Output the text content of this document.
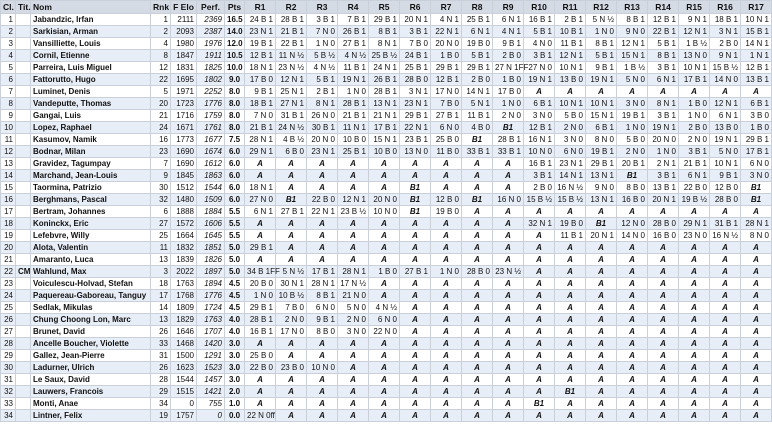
Cl.	Tit.	Nom	Rnk	F Elo	Perf.	Pts	R1	R2	R3	R4	R5	R6	R7	R8	R9	R10	R11	R12	R13	R14	R15	R16	R17
1		Jabandzic, Irfan	1	2111	2369	16.5	24 B 1	28 B 1	3 B 1	7 B 1	29 B 1	20 N 1	4 N 1	25 B 1	6 N 1	16 B 1	2 B 1	5 N ½	8 B 1	12 B 1	9 N 1	18 B 1	10 N 1
2		Sarkisian, Arman	2	2093	2387	14.0	23 N 1	21 B 1	7 N 0	26 B 1	8 B 1	3 B 1	22 N 1	6 N 1	4 N 1	5 B 1	10 B 1	1 N 0	9 N 0	22 B 1	12 N 1	3 N 1	15 B 1
3		Vansilliette, Louis	4	1980	1976	12.0	19 B 1	22 B 1	1 N 0	27 B 1	8 N 1	7 B 0	20 N 0	19 B 0	9 B 1	4 N 0	11 B 1	8 B 1	12 N 1	5 B 1	1 B ½	2 B 0	14 N 1
4		Cornil, Etienne	8	1847	1911	10.5	12 B 1	11 N ½	5 B ½	4 N ½	25 B ½	24 B 1	1 B 0	5 B 1	2 B 0	3 B 1	12 N 1	5 B 1	15 N 1	8 B 1	13 N 0	9 N 1	1 N 1
5		Parreira, Luis Miguel	12	1831	1825	10.0	18 N 1	23 N ½	4 N ½	11 B 1	24 N 1	25 B 1	29 B 1	29 B 1	27 N 1FF	27 N 0	10 N 1	9 B 1	1 B ½	3 B 1	10 N 1	15 B ½	12 B 1
6		Fattorutto, Hugo	22	1695	1802	9.0	17 B 0	12 N 1	5 B 1	19 N 1	26 B 1	28 B 0	12 B 1	2 B 0	1 B 0	19 N 1	13 B 0	19 N 1	5 N 0	6 N 1	17 B 1	14 N 0	13 B 1
7		Luminet, Denis	5	1971	2252	8.0	9 B 1	25 N 1	2 B 1	1 N 0	28 B 1	3 N 1	17 N 0	14 N 1	17 B 0	A	A	A	A	A	A	A	A
8		Vandeputte, Thomas	20	1723	1776	8.0	18 B 1	27 N 1	8 N 1	28 B 1	13 N 1	23 N 1	7 B 0	5 N 1	1 N 0	6 B 1	10 N 1	10 N 1	3 N 0	8 N 1	1 B 0	12 N 1	6 B 1
9		Gangai, Luis	21	1716	1759	8.0	7 N 0	31 B 1	26 N 0	21 B 1	21 N 1	29 B 1	27 B 1	11 B 1	2 N 0	3 N 0	5 B 0	15 N 1	19 B 1	3 B 1	1 N 0	6 N 1	3 B 0
10		Lopez, Raphael	24	1671	1761	8.0	21 B 1	24 N ½	30 B 1	11 N 1	17 B 1	22 N 1	6 N 0	4 B 0	B1	12 B 1	2 N 0	6 B 1	1 N 0	19 N 1	2 B 0	13 B 0	1 B 0
11		Kasumov, Namik	16	1773	1677	7.5	28 N 1	4 B ½	20 N 0	10 B 0	15 N 1	23 B 1	25 B 0	B1	28 B 1	16 N 1	3 N 0	8 N 0	5 B 0	20 N 0	2 N 0	19 N 1	29 B 1
12		Bodnar, Milan	23	1690	1674	6.0	29 N 1	6 B 0	23 N 1	25 B 1	10 B 0	13 N 0	11 B 0	33 B 1	33 B 1	10 N 0	6 N 0	19 B 1	2 N 0	1 N 0	3 B 1	5 N 0	17 B 1
13		Gravidez, Tagumpay	7	1690	1612	6.0	A	A	A	A	A	A	A	A	A	16 B 1	23 N 1	29 B 1	20 B 1	2 N 1	21 B 1	10 N 1	6 N 0
14		Marchand, Jean-Louis	9	1845	1863	6.0	A	A	A	A	A	A	A	A	A	3 B 1	14 N 1	13 N 1	B1	3 B 1	6 N 1	9 B 1	3 N 0
15		Taormina, Patrizio	30	1512	1544	6.0	18 N 1	A	A	A	A	B1	A	A	A	2 B 0	16 N ½	9 N 0	8 B 0	13 B 1	22 B 0	12 B 0	B1
16		Berghmans, Pascal	32	1480	1509	6.0	27 N 0	B1	22 B 0	12 N 1	20 N 0	B1	12 B 0	B1	16 N 0	15 B ½	15 B ½	13 N 1	16 B 0	20 N 1	19 B ½	28 B 0	B1
17		Bertram, Johannes	6	1888	1884	5.5	6 N 1	27 B 1	22 N 1	23 B ½	10 N 0	B1	19 B 0	A	A	A	A	A	A	A	A	A	A
18		Koninckx, Eric	27	1572	1606	5.5	A	A	A	A	A	A	A	A	A	32 N 1	19 B 0	B1	12 N 0	28 B 0	29 N 1	31 B 1	28 N 1
19		Lefebvre, Willy	25	1664	1645	5.5	A	A	A	A	A	A	A	A	A	A	11 B 1	20 N 1	14 N 0	16 B 0	23 N 0	16 N ½	8 N 0
20		Alota, Valentin	11	1832	1851	5.0	29 B 1	A	A	A	A	A	A	A	A	A	A	A	A	A	A	A	A
21		Amaranto, Luca	13	1839	1826	5.0	A	A	A	A	A	A	A	A	A	A	A	A	A	A	A	A	A
22	CM	Wahlund, Max	3	2022	1897	5.0	34 B 1FF	5 N ½	17 B 1	28 N 1	1 B 0	27 B 1	1 N 0	28 B 0	23 N ½	A	A	A	A	A	A	A	A
23		Voiculescu-Holvad, Stefan	18	1763	1894	4.5	20 B 0	30 N 1	28 N 1	17 N ½	A	A	A	A	A	A	A	A	A	A	A	A	A
24		Paquereau-Gaboreau, Tanguy	17	1768	1776	4.5	1 N 0	10 B ½	8 B 1	21 N 0	A	A	A	A	A	A	A	A	A	A	A	A	A
25		Sedlak, Mikulas	14	1809	1724	4.5	29 B 1	7 B 0	6 N 0	5 N 0	4 N ½	A	A	A	A	A	A	A	A	A	A	A	A
26		Chung Choong Lon, Marc	13	1829	1763	4.0	28 B 1	2 N 0	9 B 1	2 N 0	6 N 0	A	A	A	A	A	A	A	A	A	A	A	A
27		Brunet, David	26	1646	1707	4.0	16 B 1	17 N 0	8 B 0	3 N 0	22 N 0	A	A	A	A	A	A	A	A	A	A	A	A
28		Ancelle Boucher, Violette	33	1468	1420	3.0	A	A	A	A	A	A	A	A	A	A	A	A	A	A	A	A	A
29		Gallez, Jean-Pierre	31	1500	1291	3.0	25 B 0	A	A	A	A	A	A	A	A	A	A	A	A	A	A	A	A
30		Ladurner, Ulrich	26	1623	1523	3.0	22 B 0	23 B 0	10 N 0	A	A	A	A	A	A	A	A	A	A	A	A	A	A
31		Le Saux, David	28	1544	1457	3.0	A	A	A	A	A	A	A	A	A	A	A	A	A	A	A	A	A
32		Lauwers, Francois	29	1515	1421	2.0	A	A	A	A	A	A	A	A	A	A	B1	A	A	A	A	A	A
33		Monti, Anae	34	0	755	1.0	A	A	A	A	A	A	A	A	A	B1	A	A	A	A	A	A	A
34		Lintner, Felix	19	1757	0	0.0	22 N 0ff	A	A	A	A	A	A	A	A	A	A	A	A	A	A	A	A
